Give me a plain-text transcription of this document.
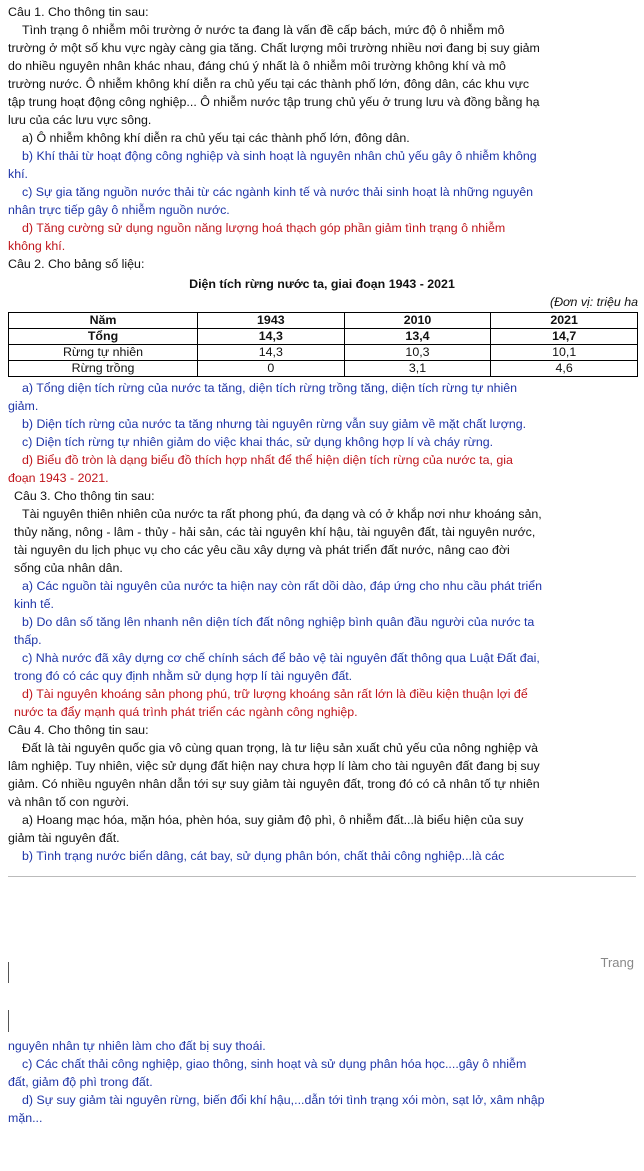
Câu 1. Cho thông tin sau:
Tình trạng ô nhiễm môi trường ở nước ta đang là vấn đề cấp bách, mức độ ô nhiễm mô
trường ở một số khu vực ngày càng gia tăng. Chất lượng môi trường nhiều nơi đang bị suy giảm
do nhiều nguyên nhân khác nhau, đáng chú ý nhất là ô nhiễm môi trường không khí và mô
trường nước. Ô nhiễm không khí diễn ra chủ yếu tại các thành phố lớn, đông dân, các khu vực
tập trung hoạt động công nghiệp... Ô nhiễm nước tập trung chủ yếu ở trung lưu và đồng bằng hạ
lưu của các lưu vực sông.
a) Ô nhiễm không khí diễn ra chủ yếu tại các thành phố lớn, đông dân.
b) Khí thải từ hoạt động công nghiệp và sinh hoạt là nguyên nhân chủ yếu gây ô nhiễm không
khí.
c) Sự gia tăng nguồn nước thải từ các ngành kinh tế và nước thải sinh hoạt là những nguyên
nhân trực tiếp gây ô nhiễm nguồn nước.
d) Tăng cường sử dụng nguồn năng lượng hoá thạch góp phần giảm tình trạng ô nhiễm
không khí.
Câu 2. Cho bảng số liệu:
Diện tích rừng nước ta, giai đoạn 1943 - 2021
(Đơn vị: triệu ha
Năm	1943	2010	2021
Tổng	14,3	13,4	14,7
Rừng tự nhiên	14,3	10,3	10,1
Rừng trồng	0	3,1	4,6
a) Tổng diện tích rừng của nước ta tăng, diện tích rừng trồng tăng, diện tích rừng tự nhiên
giảm.
b) Diện tích rừng của nước ta tăng nhưng tài nguyên rừng vẫn suy giảm về mặt chất lượng.
c) Diện tích rừng tự nhiên giảm do việc khai thác, sử dụng không hợp lí và cháy rừng.
d) Biểu đồ tròn là dạng biểu đồ thích hợp nhất để thể hiện diện tích rừng của nước ta, gia
đoạn 1943 - 2021.
Câu 3. Cho thông tin sau:
Tài nguyên thiên nhiên của nước ta rất phong phú, đa dạng và có ở khắp nơi như khoáng sản,
thủy năng, nông - lâm - thủy - hải sản, các tài nguyên khí hậu, tài nguyên đất, tài nguyên nước,
tài nguyên du lịch phục vụ cho các yêu cầu xây dựng và phát triển đất nước, nâng cao đời
sống của nhân dân.
a) Các nguồn tài nguyên của nước ta hiện nay còn rất dồi dào, đáp ứng cho nhu cầu phát triển
kinh tế.
b) Do dân số tăng lên nhanh nên diện tích đất nông nghiệp bình quân đầu người của nước ta
thấp.
c) Nhà nước đã xây dựng cơ chế chính sách để bảo vệ tài nguyên đất thông qua Luật Đất đai,
trong đó có các quy định nhằm sử dụng hợp lí tài nguyên đất.
d) Tài nguyên khoáng sản phong phú, trữ lượng khoáng sản rất lớn là điều kiện thuận lợi để
nước ta đẩy mạnh quá trình phát triển các ngành công nghiệp.
Câu 4. Cho thông tin sau:
Đất là tài nguyên quốc gia vô cùng quan trọng, là tư liệu sản xuất chủ yếu của nông nghiệp và
lâm nghiệp. Tuy nhiên, việc sử dụng đất hiện nay chưa hợp lí làm cho tài nguyên đất đang bị suy
giảm. Có nhiều nguyên nhân dẫn tới sự suy giảm tài nguyên đất, trong đó có cả nhân tố tự nhiên
và nhân tố con người.
a) Hoang mạc hóa, mặn hóa, phèn hóa, suy giảm độ phì, ô nhiễm đất...là biểu hiện của suy
giảm tài nguyên đất.
b) Tình trạng nước biển dâng, cát bay, sử dụng phân bón, chất thải công nghiệp...là các
Trang
nguyên nhân tự nhiên làm cho đất bị suy thoái.
c) Các chất thải công nghiệp, giao thông, sinh hoạt và sử dụng phân hóa học....gây ô nhiễm
đất, giảm độ phì trong đất.
d) Sự suy giảm tài nguyên rừng, biến đổi khí hậu,...dẫn tới tình trạng xói mòn, sạt lở, xâm nhập
mặn...
